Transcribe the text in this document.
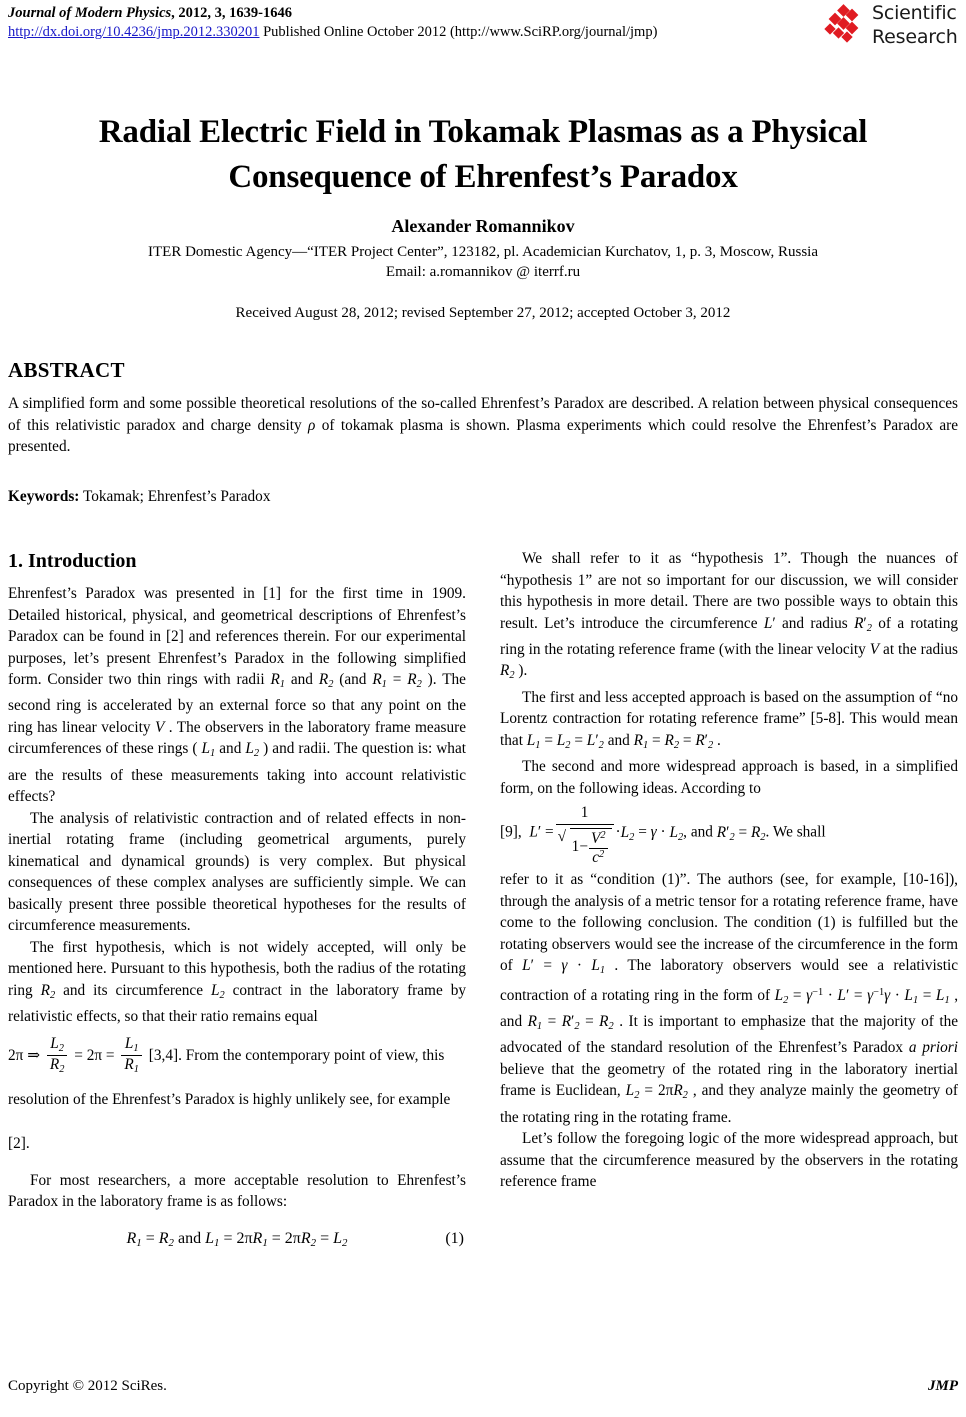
Journal of Modern Physics, 2012, 3, 1639-1646
http://dx.doi.org/10.4236/jmp.2012.330201 Published Online October 2012 (http://www.SciRP.org/journal/jmp)
Scientific
Research
Radial Electric Field in Tokamak Plasmas as a Physical Consequence of Ehrenfest’s Paradox
Alexander Romannikov
ITER Domestic Agency—“ITER Project Center”, 123182, pl. Academician Kurchatov, 1, p. 3, Moscow, Russia
Email: a.romannikov @ iterrf.ru
Received August 28, 2012; revised September 27, 2012; accepted October 3, 2012
ABSTRACT
A simplified form and some possible theoretical resolutions of the so-called Ehrenfest’s Paradox are described. A relation between physical consequences of this relativistic paradox and charge density ρ of tokamak plasma is shown. Plasma experiments which could resolve the Ehrenfest’s Paradox are presented.
Keywords: Tokamak; Ehrenfest’s Paradox
1. Introduction

Ehrenfest’s Paradox was presented in [1] for the first time in 1909. Detailed historical, physical, and geometrical descriptions of Ehrenfest’s Paradox can be found in [2] and references therein. For our experimental purposes, let’s present Ehrenfest’s Paradox in the following simplified form. Consider two thin rings with radii $R_1$ and $R_2$ (and $R_1 = R_2$ ). The second ring is accelerated by an external force so that any point on the ring has linear velocity V . The observers in the laboratory frame measure circumferences of these rings ( $L_1$ and $L_2$ ) and radii. The question is: what are the results of these measurements taking into account relativistic effects?

The analysis of relativistic contraction and of related effects in non-inertial rotating frame (including geometrical arguments, purely kinematical and dynamical grounds) is very complex. But physical consequences of these complex analyses are sufficiently simple. We can basically present three possible theoretical hypotheses for the results of circumference measurements.

The first hypothesis, which is not widely accepted, will only be mentioned here. Pursuant to this hypothesis, both the radius of the rotating ring $R_2$ and its circumference $L_2$ contract in the laboratory frame by relativistic effects, so that their ratio remains equal

2π ⇒ $\frac{L_2}{R_2} = 2\pi = \frac{L_1}{R_1} [3,4]$. From the contemporary point of view, this resolution of the Ehrenfest’s Paradox is highly unlikely see, for example [2].

For most researchers, a more acceptable resolution to Ehrenfest’s Paradox in the laboratory frame is as follows:

$R_1 = R_2$ and $L_1 = 2\pi R_1 = 2\pi R_2 = L_2$	(1)

We shall refer to it as “hypothesis 1”. Though the nuances of “hypothesis 1” are not so important for our discussion, we will consider this hypothesis in more detail. There are two possible ways to obtain this result. Let’s introduce the circumference L′ and radius $R'_2$ of a rotating ring in the rotating reference frame (with the linear velocity V at the radius $R_2$ ).

The first and less accepted approach is based on the assumption of “no Lorentz contraction for rotating reference frame” [5-8]. This would mean that $L_1 = L_2 = L'_2$ and $R_1 = R_2 = R'_2$ .

The second and more widespread approach is based, in a simplified form, on the following ideas. According to

[9], L′ = 1
√
$1- \frac{V^2}{c^2} \cdot L_2 = \gamma \cdot L_2$, and $R'_2 = R_2$. We shall

refer to it as “condition (1)”. The authors (see, for example, [10-16]), through the analysis of a metric tensor for a rotating reference frame, have come to the following conclusion. The condition (1) is fulfilled but the rotating observers would see the increase of the circumference in the form of $L' = \gamma \cdot L_1$ . The laboratory observers would see a relativistic contraction of a rotating ring in the form of $L_2 = \gamma^{-1} \cdot L' = \gamma^{-1}\gamma \cdot L_1 = L_1$ , and $R_1 = R'_2 = R_2$ . It is important to emphasize that the majority of the advocated of the standard resolution of the Ehrenfest’s Paradox a priori believe that the geometry of the rotated ring in the laboratory inertial frame is Euclidean, $L_2 = 2\pi R_2$ , and they analyze mainly the geometry of the rotating ring in the rotating frame.

Let’s follow the foregoing logic of the more widespread approach, but assume that the circumference measured by the observers in the rotating reference frame

Copyright © 2012 SciRes.	JMP
